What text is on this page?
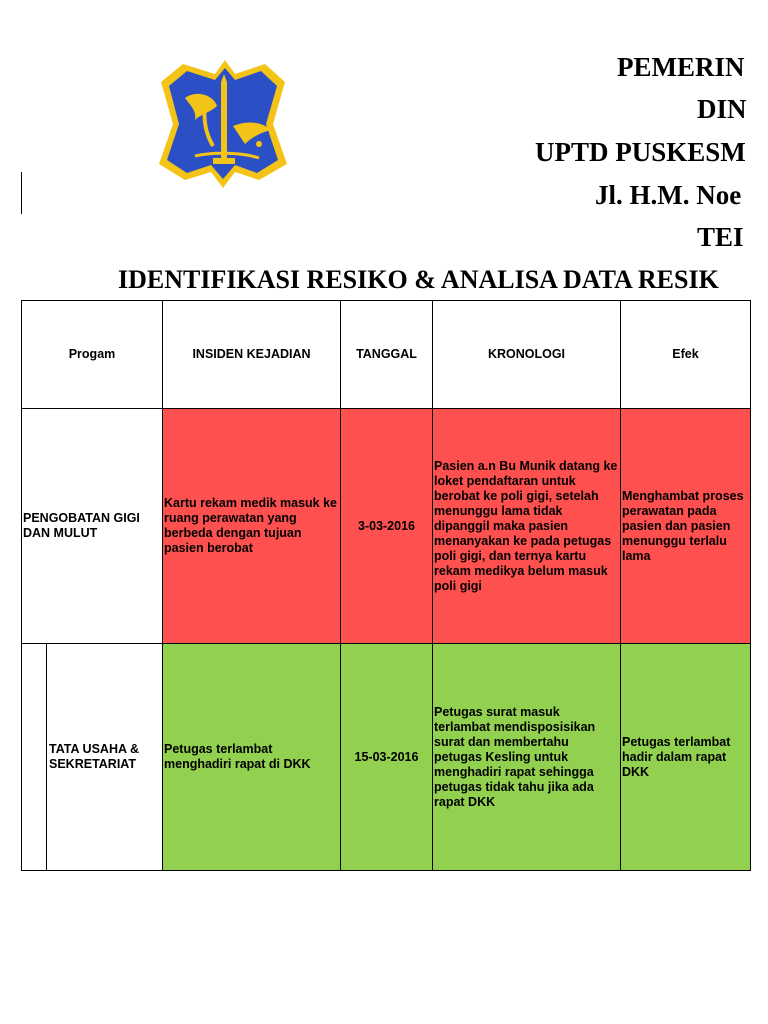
PEMERIN
DIN
UPTD PUSKESM
Jl. H.M. Noe
TEI
IDENTIFIKASI RESIKO & ANALISA DATA RESIK
Progam	INSIDEN KEJADIAN	TANGGAL	KRONOLOGI	Efek
PENGOBATAN GIGI DAN MULUT	Kartu rekam medik masuk ke ruang perawatan yang berbeda dengan tujuan pasien berobat	3-03-2016	Pasien a.n Bu Munik datang ke loket pendaftaran untuk berobat ke poli gigi, setelah menunggu lama tidak dipanggil maka pasien menanyakan ke pada petugas poli gigi, dan ternya kartu rekam medikya belum masuk poli gigi	Menghambat proses perawatan pada pasien dan pasien menunggu terlalu lama

TATA USAHA & SEKRETARIAT	Petugas terlambat menghadiri rapat di DKK	15-03-2016	Petugas surat masuk terlambat mendisposisikan surat dan membertahu petugas Kesling untuk menghadiri rapat sehingga petugas tidak tahu jika ada rapat DKK	Petugas terlambat hadir dalam rapat DKK
